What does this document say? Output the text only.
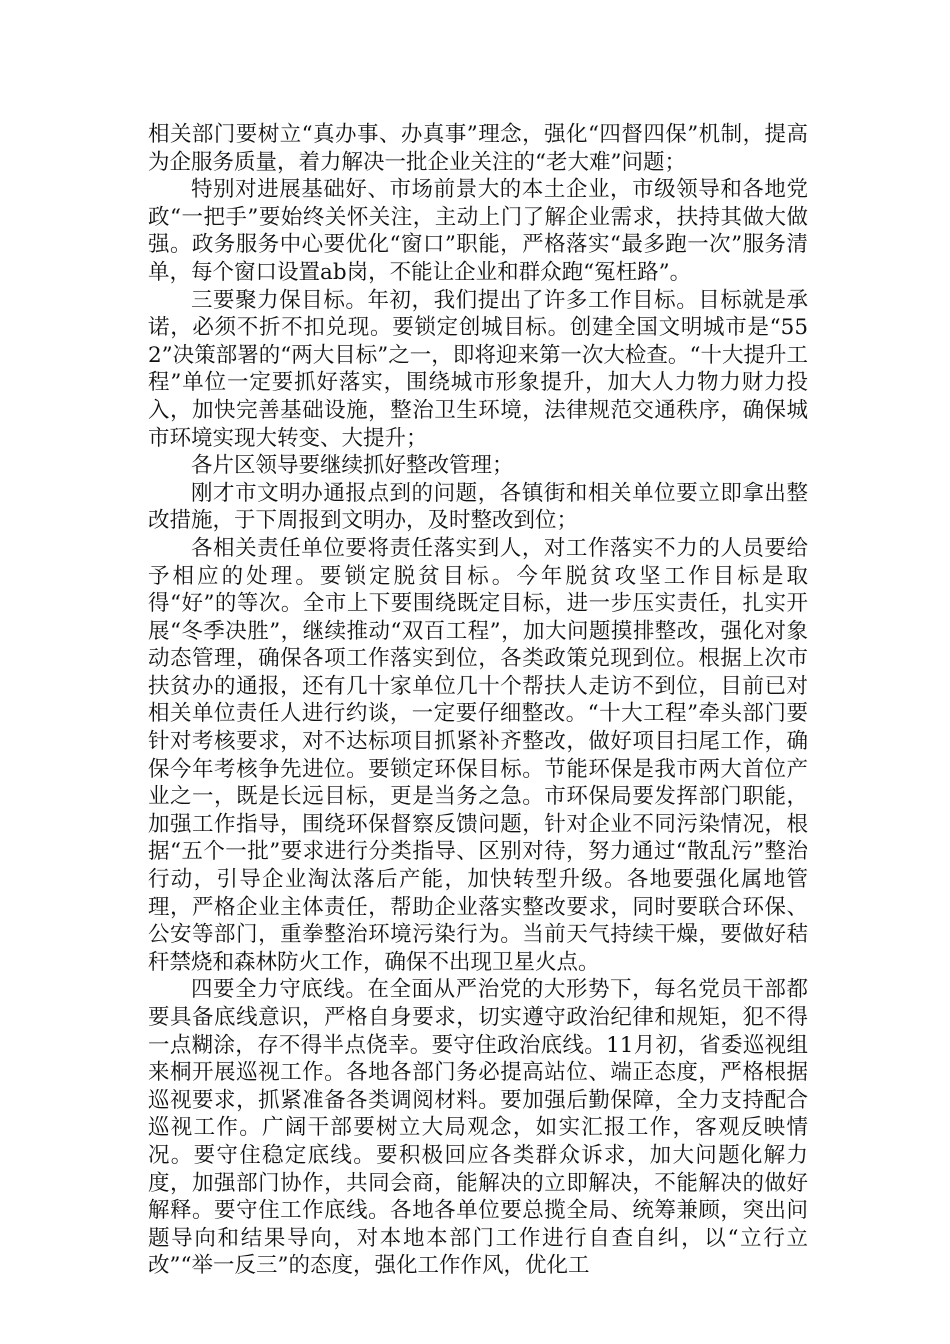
相关部门要树立“真办事、办真事”理念，强化“四督四保”机制，提高为企服务质量，着力解决一批企业关注的“老大难”问题；

特别对进展基础好、市场前景大的本土企业，市级领导和各地党政“一把手”要始终关怀关注，主动上门了解企业需求，扶持其做大做强。政务服务中心要优化“窗口”职能，严格落实“最多跑一次”服务清单，每个窗口设置ab岗，不能让企业和群众跑“冤枉路”。

三要聚力保目标。年初，我们提出了许多工作目标。目标就是承诺，必须不折不扣兑现。要锁定创城目标。创建全国文明城市是“552”决策部署的“两大目标”之一，即将迎来第一次大检查。“十大提升工程”单位一定要抓好落实，围绕城市形象提升，加大人力物力财力投入，加快完善基础设施，整治卫生环境，法律规范交通秩序，确保城市环境实现大转变、大提升；

各片区领导要继续抓好整改管理；

刚才市文明办通报点到的问题，各镇街和相关单位要立即拿出整改措施，于下周报到文明办，及时整改到位；

各相关责任单位要将责任落实到人，对工作落实不力的人员要给予相应的处理。要锁定脱贫目标。今年脱贫攻坚工作目标是取得“好”的等次。全市上下要围绕既定目标，进一步压实责任，扎实开展“冬季决胜”，继续推动“双百工程”，加大问题摸排整改，强化对象动态管理，确保各项工作落实到位，各类政策兑现到位。根据上次市扶贫办的通报，还有几十家单位几十个帮扶人走访不到位，目前已对相关单位责任人进行约谈，一定要仔细整改。“十大工程”牵头部门要针对考核要求，对不达标项目抓紧补齐整改，做好项目扫尾工作，确保今年考核争先进位。要锁定环保目标。节能环保是我市两大首位产业之一，既是长远目标，更是当务之急。市环保局要发挥部门职能，加强工作指导，围绕环保督察反馈问题，针对企业不同污染情况，根据“五个一批”要求进行分类指导、区别对待，努力通过“散乱污”整治行动，引导企业淘汰落后产能，加快转型升级。各地要强化属地管理，严格企业主体责任，帮助企业落实整改要求，同时要联合环保、公安等部门，重拳整治环境污染行为。当前天气持续干燥，要做好秸秆禁烧和森林防火工作，确保不出现卫星火点。

四要全力守底线。在全面从严治党的大形势下，每名党员干部都要具备底线意识，严格自身要求，切实遵守政治纪律和规矩，犯不得一点糊涂，存不得半点侥幸。要守住政治底线。11月初，省委巡视组来桐开展巡视工作。各地各部门务必提高站位、端正态度，严格根据巡视要求，抓紧准备各类调阅材料。要加强后勤保障，全力支持配合巡视工作。广阔干部要树立大局观念，如实汇报工作，客观反映情况。要守住稳定底线。要积极回应各类群众诉求，加大问题化解力度，加强部门协作，共同会商，能解决的立即解决，不能解决的做好解释。要守住工作底线。各地各单位要总揽全局、统筹兼顾，突出问题导向和结果导向，对本地本部门工作进行自查自纠，以“立行立改”“举一反三”的态度，强化工作作风，优化工
